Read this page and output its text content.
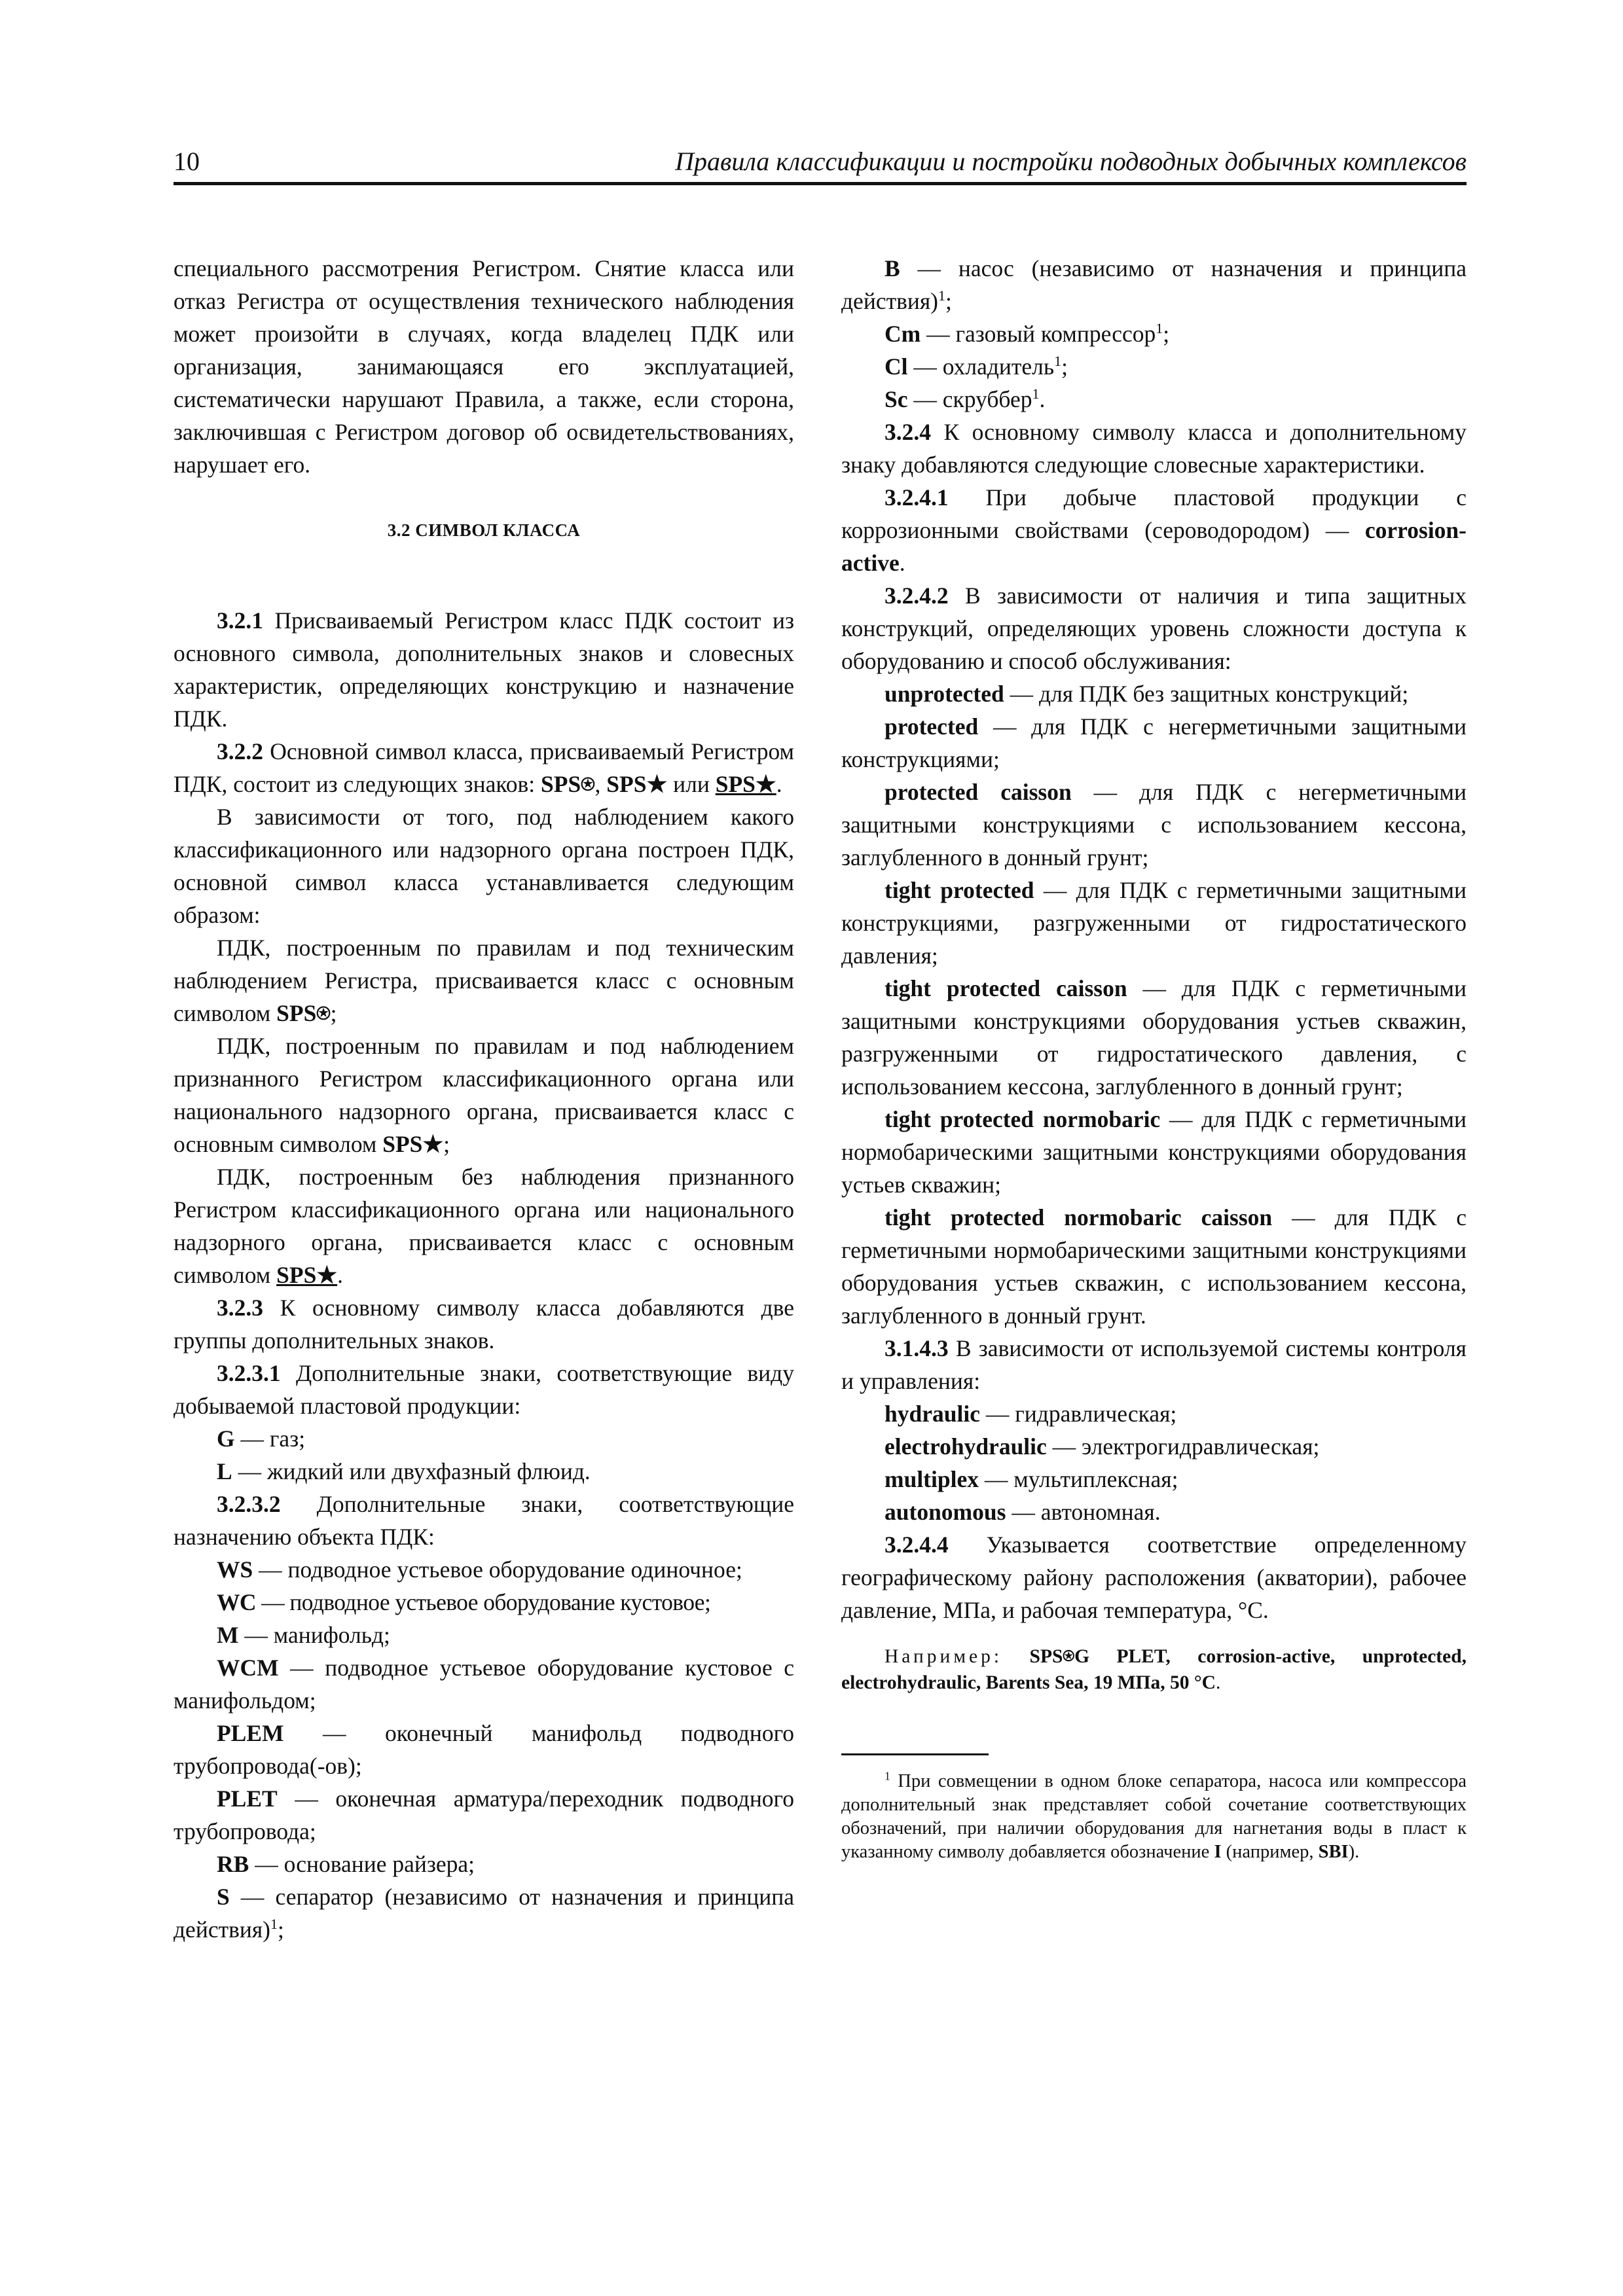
10	Правила классификации и постройки подводных добычных комплексов

специального рассмотрения Регистром. Снятие класса или отказ Регистра от осуществления технического наблюдения может произойти в случаях, когда владелец ПДК или организация, занимающаяся его эксплуатацией, систематически нарушают Правила, а также, если сторона, заключившая с Регистром договор об освидетельствованиях, нарушает его.

3.2 СИМВОЛ КЛАССА

3.2.1 Присваиваемый Регистром класс ПДК состоит из основного символа, дополнительных знаков и словесных характеристик, определяющих конструкцию и назначение ПДК.

3.2.2 Основной символ класса, присваиваемый Регистром ПДК, состоит из следующих знаков: SPS⍟, SPS★ или SPS★.

В зависимости от того, под наблюдением какого классификационного или надзорного органа построен ПДК, основной символ класса устанавливается следующим образом:

ПДК, построенным по правилам и под техническим наблюдением Регистра, присваивается класс с основным символом SPS⍟;

ПДК, построенным по правилам и под наблюдением признанного Регистром классификационного органа или национального надзорного органа, присваивается класс с основным символом SPS★;

ПДК, построенным без наблюдения признанного Регистром классификационного органа или национального надзорного органа, присваивается класс с основным символом SPS★.

3.2.3 К основному символу класса добавляются две группы дополнительных знаков.

3.2.3.1 Дополнительные знаки, соответствующие виду добываемой пластовой продукции:

G — газ;

L — жидкий или двухфазный флюид.

3.2.3.2 Дополнительные знаки, соответствующие назначению объекта ПДК:

WS — подводное устьевое оборудование одиночное;

WC — подводное устьевое оборудование кустовое;

M — манифольд;

WCM — подводное устьевое оборудование кустовое с манифольдом;

PLEM — оконечный манифольд подводного трубопровода(-ов);

PLET — оконечная арматура/переходник подводного трубопровода;

RB — основание райзера;

S — сепаратор (независимо от назначения и принципа действия)$^1$;

B — насос (независимо от назначения и принципа действия)$^1$;

Cm — газовый компрессор$^1$;

Cl — охладитель$^1$;

Sc — скруббер$^1$.

3.2.4 К основному символу класса и дополнительному знаку добавляются следующие словесные характеристики.

3.2.4.1 При добыче пластовой продукции с коррозионными свойствами (сероводородом) — corrosion-active.

3.2.4.2 В зависимости от наличия и типа защитных конструкций, определяющих уровень сложности доступа к оборудованию и способ обслуживания:

unprotected — для ПДК без защитных конструкций;

protected — для ПДК с негерметичными защитными конструкциями;

protected caisson — для ПДК с негерметичными защитными конструкциями с использованием кессона, заглубленного в донный грунт;

tight protected — для ПДК с герметичными защитными конструкциями, разгруженными от гидростатического давления;

tight protected caisson — для ПДК с герметичными защитными конструкциями оборудования устьев скважин, разгруженными от гидростатического давления, с использованием кессона, заглубленного в донный грунт;

tight protected normobaric — для ПДК с герметичными нормобарическими защитными конструкциями оборудования устьев скважин;

tight protected normobaric caisson — для ПДК с герметичными нормобарическими защитными конструкциями оборудования устьев скважин, с использованием кессона, заглубленного в донный грунт.

3.1.4.3 В зависимости от используемой системы контроля и управления:

hydraulic — гидравлическая;

electrohydraulic — электрогидравлическая;

multiplex — мультиплексная;

autonomous — автономная.

3.2.4.4 Указывается соответствие определенному географическому району расположения (акватории), рабочее давление, МПа, и рабочая температура, °C.

Например: SPS⍟G PLET, corrosion-active, unprotected, electrohydraulic, Barents Sea, 19 МПа, 50 °C.

$^1$ При совмещении в одном блоке сепаратора, насоса или компрессора дополнительный знак представляет собой сочетание соответствующих обозначений, при наличии оборудования для нагнетания воды в пласт к указанному символу добавляется обозначение I (например, SBI).
